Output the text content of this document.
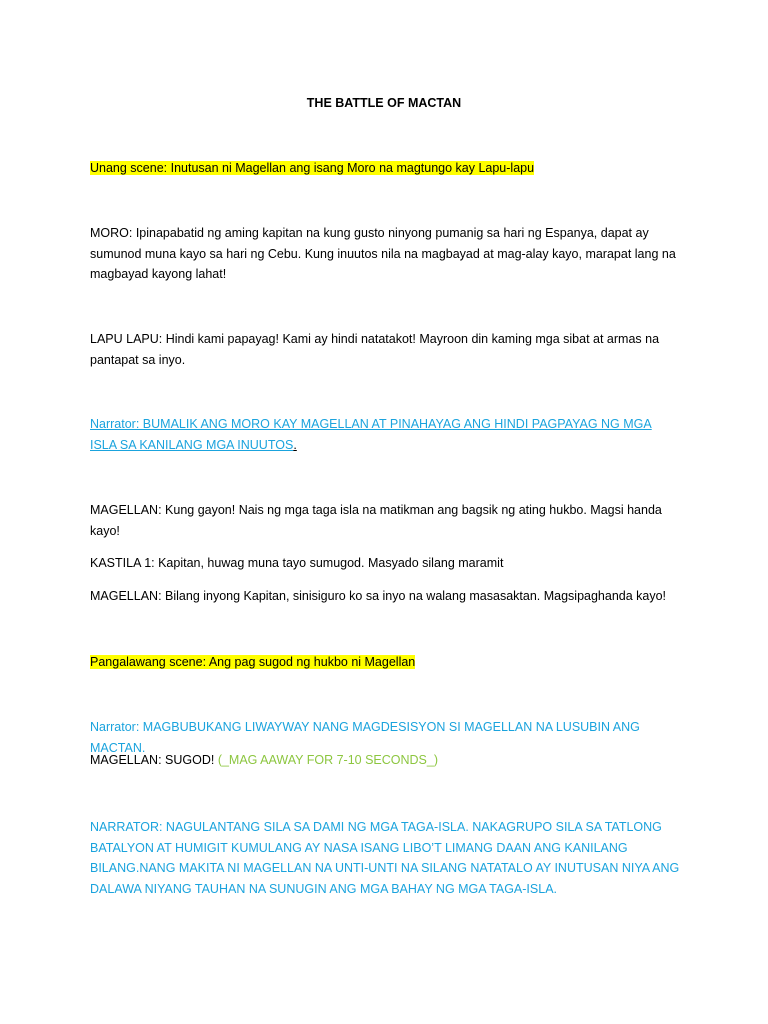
THE BATTLE OF MACTAN

Unang scene: Inutusan ni Magellan ang isang Moro na magtungo kay Lapu-lapu

MORO: Ipinapabatid ng aming kapitan na kung gusto ninyong pumanig sa hari ng Espanya, dapat ay sumunod muna kayo sa hari ng Cebu. Kung inuutos nila na magbayad at mag-alay kayo, marapat lang na magbayad kayong lahat!

LAPU LAPU: Hindi kami papayag! Kami ay hindi natatakot! Mayroon din kaming mga sibat at armas na pantapat sa inyo.

Narrator: BUMALIK ANG MORO KAY MAGELLAN AT PINAHAYAG ANG HINDI PAGPAYAG NG MGA ISLA SA KANILANG MGA INUUTOS.

MAGELLAN: Kung gayon! Nais ng mga taga isla na matikman ang bagsik ng ating hukbo. Magsi handa kayo!

KASTILA 1: Kapitan, huwag muna tayo sumugod. Masyado silang maramit

MAGELLAN: Bilang inyong Kapitan, sinisiguro ko sa inyo na walang masasaktan. Magsipaghanda kayo!

Pangalawang scene: Ang pag sugod ng hukbo ni Magellan

Narrator: MAGBUBUKANG LIWAYWAY NANG MAGDESISYON SI MAGELLAN NA LUSUBIN ANG MACTAN.

MAGELLAN: SUGOD! (_MAG AAWAY FOR 7-10 SECONDS_)

NARRATOR: NAGULANTANG SILA SA DAMI NG MGA TAGA-ISLA. NAKAGRUPO SILA SA TATLONG BATALYON AT HUMIGIT KUMULANG AY NASA ISANG LIBO’T LIMANG DAAN ANG KANILANG BILANG.NANG MAKITA NI MAGELLAN NA UNTI-UNTI NA SILANG NATATALO AY INUTUSAN NIYA ANG DALAWA NIYANG TAUHAN NA SUNUGIN ANG MGA BAHAY NG MGA TAGA-ISLA.
